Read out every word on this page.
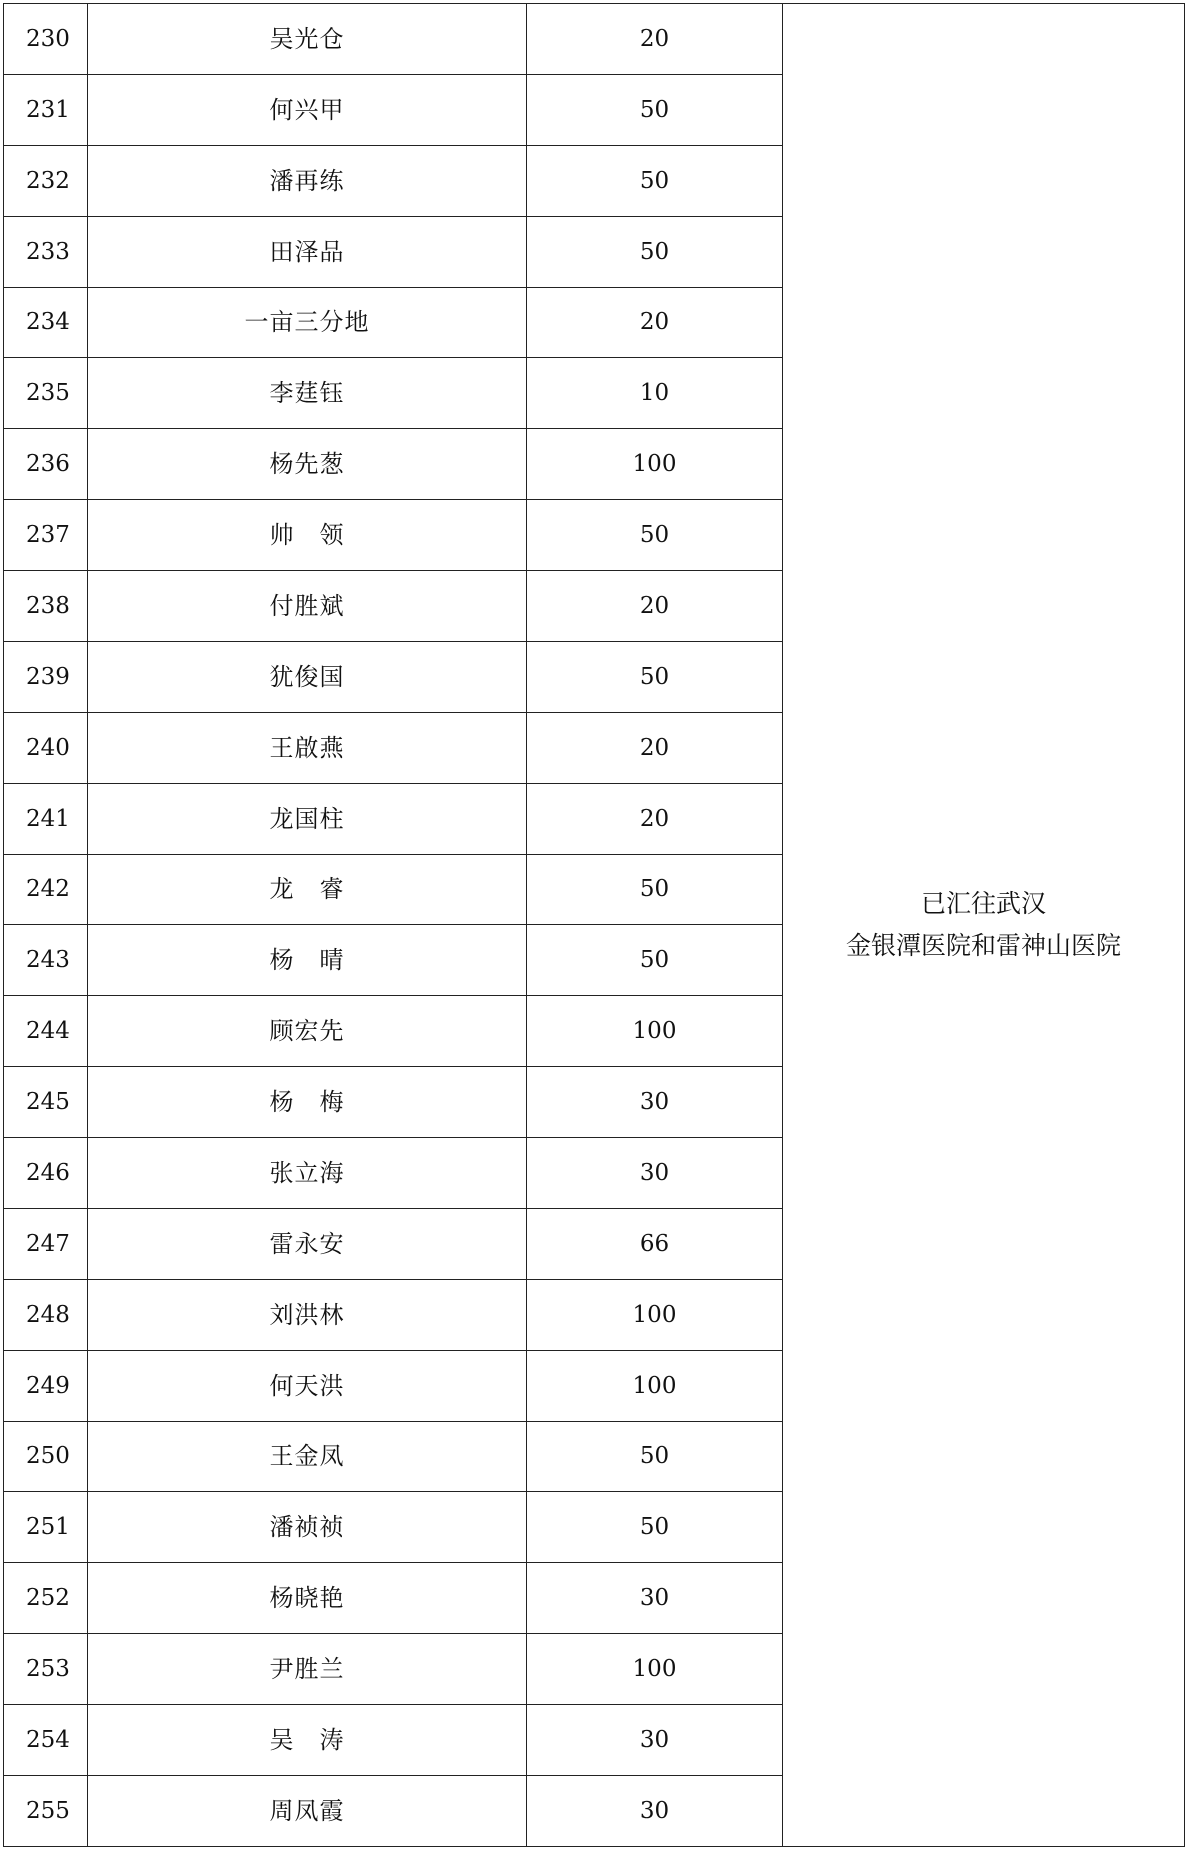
230	吴光仓	20	已汇往武汉
金银潭医院和雷神山医院

231	何兴甲	50	
232	潘再练	50	
233	田泽品	50	
234	一亩三分地	20	
235	李莛钰	10	
236	杨先葱	100	
237	帅　领	50	
238	付胜斌	20	
239	犹俊国	50	
240	王啟燕	20	
241	龙国柱	20	
242	龙　睿	50	
243	杨　晴	50	
244	顾宏先	100	
245	杨　梅	30	
246	张立海	30	
247	雷永安	66	
248	刘洪林	100	
249	何天洪	100	
250	王金凤	50	
251	潘祯祯	50	
252	杨晓艳	30	
253	尹胜兰	100	
254	吴　涛	30	
255	周凤霞	30	
